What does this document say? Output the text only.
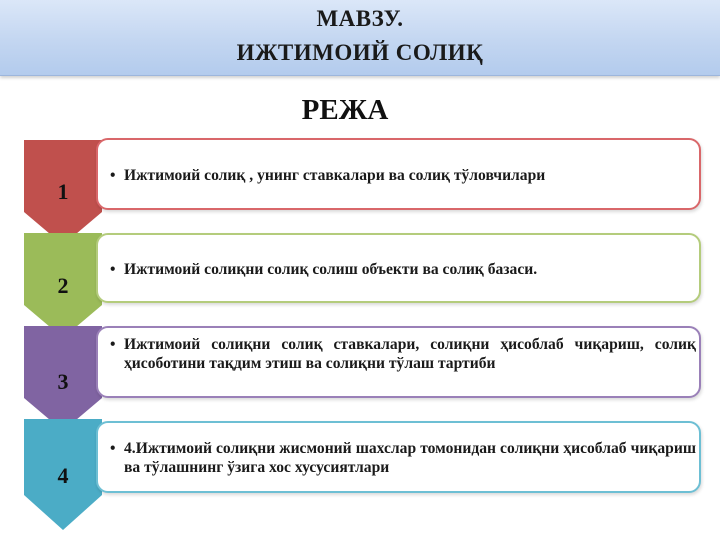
МАВЗУ.
ИЖТИМОИЙ СОЛИҚ
РЕЖА
1
2
3
4
• Ижтимоий солиқ , унинг ставкалари ва солиқ тўловчилари
• Ижтимоий солиқни солиқ солиш объекти ва солиқ базаси.
• Ижтимоий солиқни солиқ ставкалари, солиқни ҳисоблаб чиқариш, солиқ ҳисоботини тақдим этиш ва солиқни тўлаш тартиби
• 4.Ижтимоий солиқни жисмоний шахслар томонидан солиқни ҳисоблаб чиқариш ва тўлашнинг ўзига хос хусусиятлари
